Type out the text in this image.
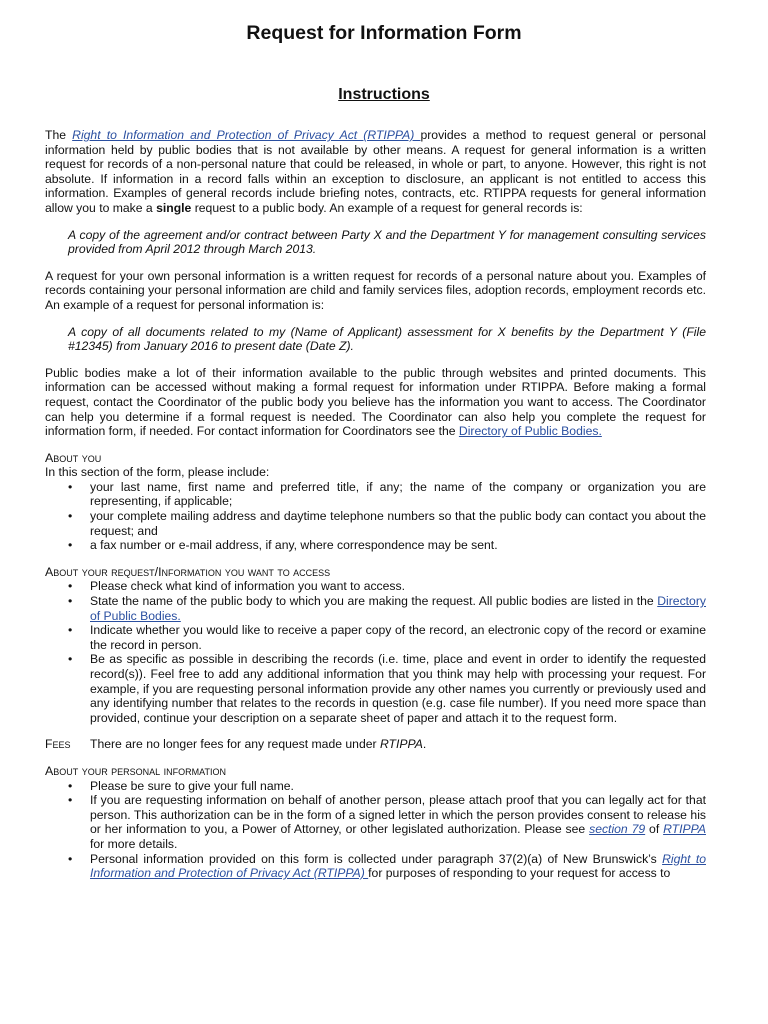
Request for Information Form
Instructions

The Right to Information and Protection of Privacy Act (RTIPPA) provides a method to request general or personal information held by public bodies that is not available by other means. A request for general information is a written request for records of a non-personal nature that could be released, in whole or part, to anyone. However, this right is not absolute. If information in a record falls within an exception to disclosure, an applicant is not entitled to access this information. Examples of general records include briefing notes, contracts, etc. RTIPPA requests for general information allow you to make a single request to a public body. An example of a request for general records is:

A copy of the agreement and/or contract between Party X and the Department Y for management consulting services provided from April 2012 through March 2013.

A request for your own personal information is a written request for records of a personal nature about you. Examples of records containing your personal information are child and family services files, adoption records, employment records etc. An example of a request for personal information is:

A copy of all documents related to my (Name of Applicant) assessment for X benefits by the Department Y (File #12345) from January 2016 to present date (Date Z).

Public bodies make a lot of their information available to the public through websites and printed documents. This information can be accessed without making a formal request for information under RTIPPA. Before making a formal request, contact the Coordinator of the public body you believe has the information you want to access. The Coordinator can help you determine if a formal request is needed. The Coordinator can also help you complete the request for information form, if needed. For contact information for Coordinators see the Directory of Public Bodies.

About you

In this section of the form, please include:

• your last name, first name and preferred title, if any; the name of the company or organization you are representing, if applicable;
• your complete mailing address and daytime telephone numbers so that the public body can contact you about the request; and
• a fax number or e-mail address, if any, where correspondence may be sent.

About your request/Information you want to access

• Please check what kind of information you want to access.
• State the name of the public body to which you are making the request. All public bodies are listed in the Directory of Public Bodies.
• Indicate whether you would like to receive a paper copy of the record, an electronic copy of the record or examine the record in person.
• Be as specific as possible in describing the records (i.e. time, place and event in order to identify the requested record(s)). Feel free to add any additional information that you think may help with processing your request. For example, if you are requesting personal information provide any other names you currently or previously used and any identifying number that relates to the records in question (e.g. case file number). If you need more space than provided, continue your description on a separate sheet of paper and attach it to the request form.

Fees There are no longer fees for any request made under RTIPPA.

About your personal information

• Please be sure to give your full name.
• If you are requesting information on behalf of another person, please attach proof that you can legally act for that person. This authorization can be in the form of a signed letter in which the person provides consent to release his or her information to you, a Power of Attorney, or other legislated authorization. Please see section 79 of RTIPPA for more details.
• Personal information provided on this form is collected under paragraph 37(2)(a) of New Brunswick’s Right to Information and Protection of Privacy Act (RTIPPA) for purposes of responding to your request for access to
